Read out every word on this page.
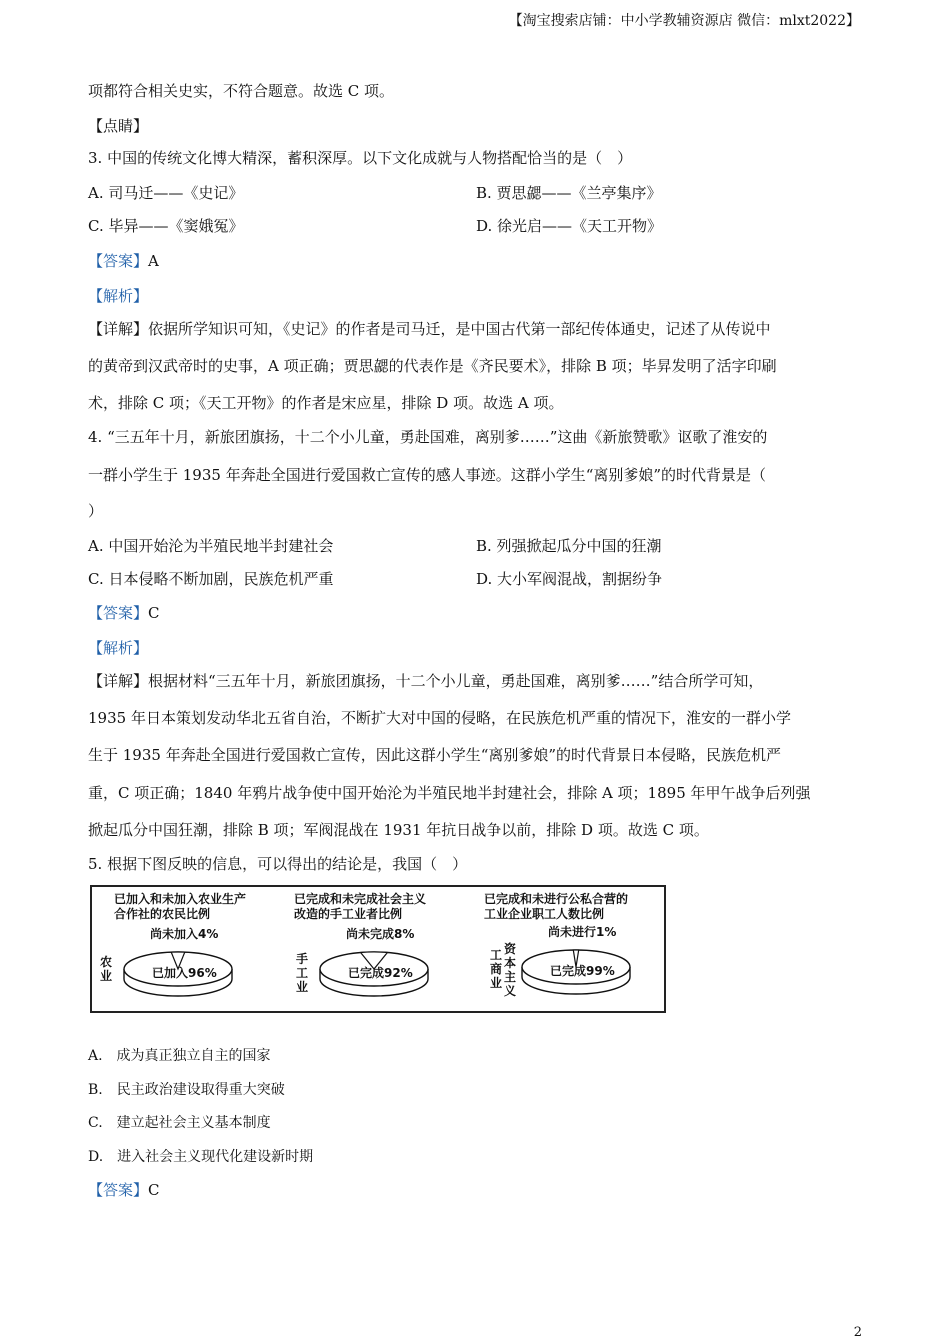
【淘宝搜索店铺：中小学教辅资源店 微信：mlxt2022】
项都符合相关史实，不符合题意。故选 C 项。
【点睛】
3. 中国的传统文化博大精深，蓄积深厚。以下文化成就与人物搭配恰当的是（　）
A. 司马迁——《史记》	B. 贾思勰——《兰亭集序》
C. 毕异——《窦娥冤》	D. 徐光启——《天工开物》
【答案】A
【解析】
【详解】依据所学知识可知，《史记》的作者是司马迁，是中国古代第一部纪传体通史，记述了从传说中
的黄帝到汉武帝时的史事，A 项正确；贾思勰的代表作是《齐民要术》，排除 B 项；毕昇发明了活字印刷
术，排除 C 项；《天工开物》的作者是宋应星，排除 D 项。故选 A 项。
4. “三五年十月，新旅团旗扬，十二个小儿童，勇赴国难，离别爹……”这曲《新旅赞歌》讴歌了淮安的
一群小学生于 1935 年奔赴全国进行爱国救亡宣传的感人事迹。这群小学生“离别爹娘”的时代背景是（
）
A. 中国开始沦为半殖民地半封建社会	B. 列强掀起瓜分中国的狂潮
C. 日本侵略不断加剧，民族危机严重	D. 大小军阀混战，割据纷争
【答案】C
【解析】
【详解】根据材料“三五年十月，新旅团旗扬，十二个小儿童，勇赴国难，离别爹……”结合所学可知，
1935 年日本策划发动华北五省自治，不断扩大对中国的侵略，在民族危机严重的情况下，淮安的一群小学
生于 1935 年奔赴全国进行爱国救亡宣传，因此这群小学生“离别爹娘”的时代背景日本侵略，民族危机严
重，C 项正确；1840 年鸦片战争使中国开始沦为半殖民地半封建社会，排除 A 项；1895 年甲午战争后列强
掀起瓜分中国狂潮，排除 B 项；军阀混战在 1931 年抗日战争以前，排除 D 项。故选 C 项。
5. 根据下图反映的信息，可以得出的结论是，我国（　）
已加入和未加入农业生产
合作社的农民比例
农
业
尚未加入4%
已加入96%
已完成和未完成社会主义
改造的手工业者比例
手
工
业
尚未完成8%
已完成92%
已完成和未进行公私合营的
工业企业职工人数比例
工
商
业
资
本
主
义
尚未进行1%
已完成99%
A.　成为真正独立自主的国家
B.　民主政治建设取得重大突破
C.　建立起社会主义基本制度
D.　进入社会主义现代化建设新时期
【答案】C
2
